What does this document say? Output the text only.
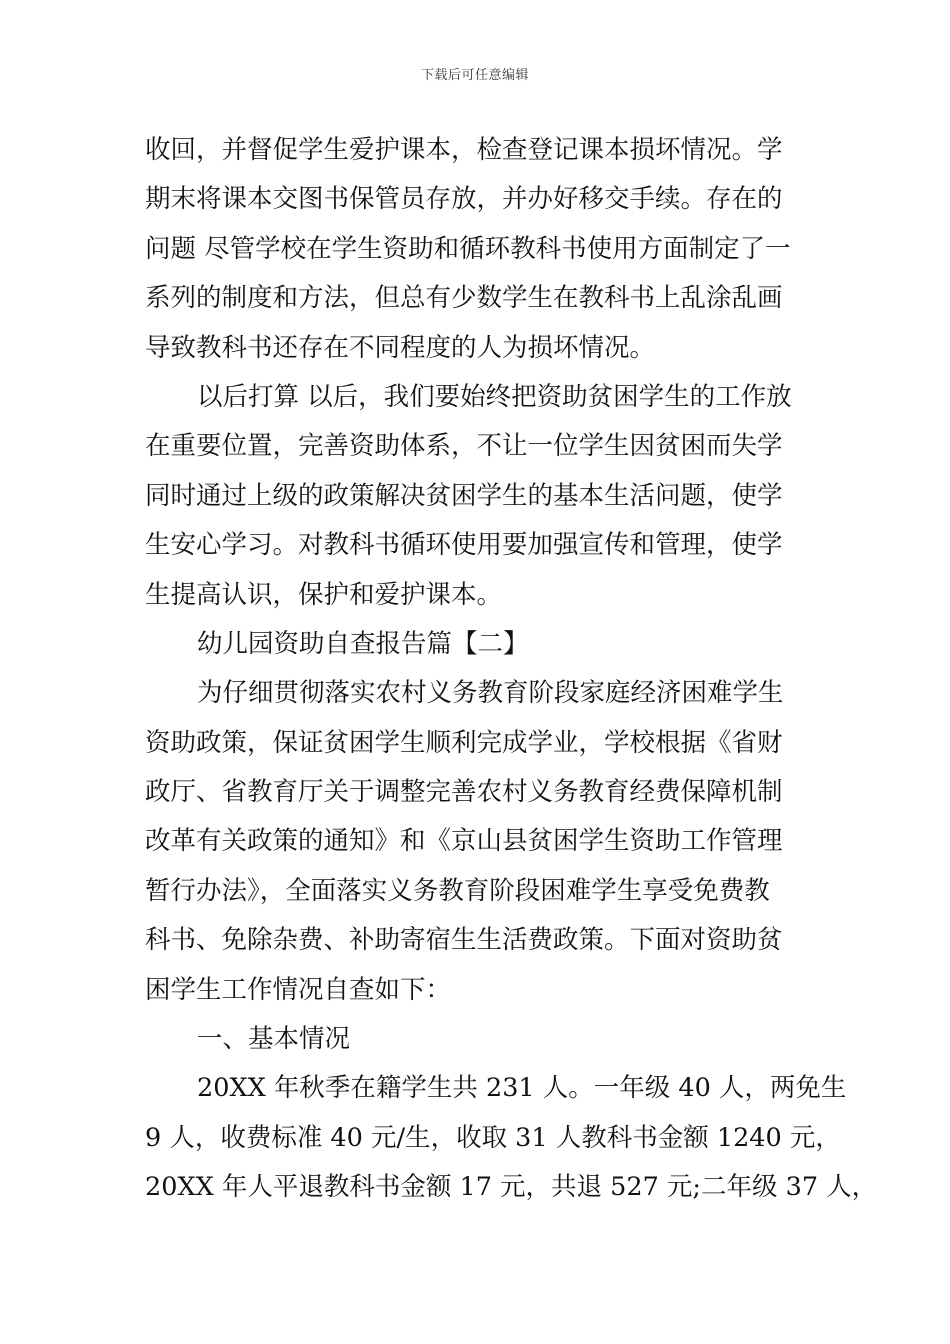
下载后可任意编辑
收回，并督促学生爱护课本，检查登记课本损坏情况。学
期末将课本交图书保管员存放，并办好移交手续。存在的
问题 尽管学校在学生资助和循环教科书使用方面制定了一
系列的制度和方法，但总有少数学生在教科书上乱涂乱画
导致教科书还存在不同程度的人为损坏情况。
以后打算 以后，我们要始终把资助贫困学生的工作放
在重要位置，完善资助体系，不让一位学生因贫困而失学
同时通过上级的政策解决贫困学生的基本生活问题，使学
生安心学习。对教科书循环使用要加强宣传和管理，使学
生提高认识，保护和爱护课本。
幼儿园资助自查报告篇【二】
为仔细贯彻落实农村义务教育阶段家庭经济困难学生
资助政策，保证贫困学生顺利完成学业，学校根据《省财
政厅、省教育厅关于调整完善农村义务教育经费保障机制
改革有关政策的通知》和《京山县贫困学生资助工作管理
暂行办法》，全面落实义务教育阶段困难学生享受免费教
科书、免除杂费、补助寄宿生生活费政策。下面对资助贫
困学生工作情况自查如下：
一、基本情况
20XX 年秋季在籍学生共 231 人。一年级 40 人，两免生
9 人，收费标准 40 元/生，收取 31 人教科书金额 1240 元，
20XX 年人平退教科书金额 17 元，共退 527 元;二年级 37 人，
